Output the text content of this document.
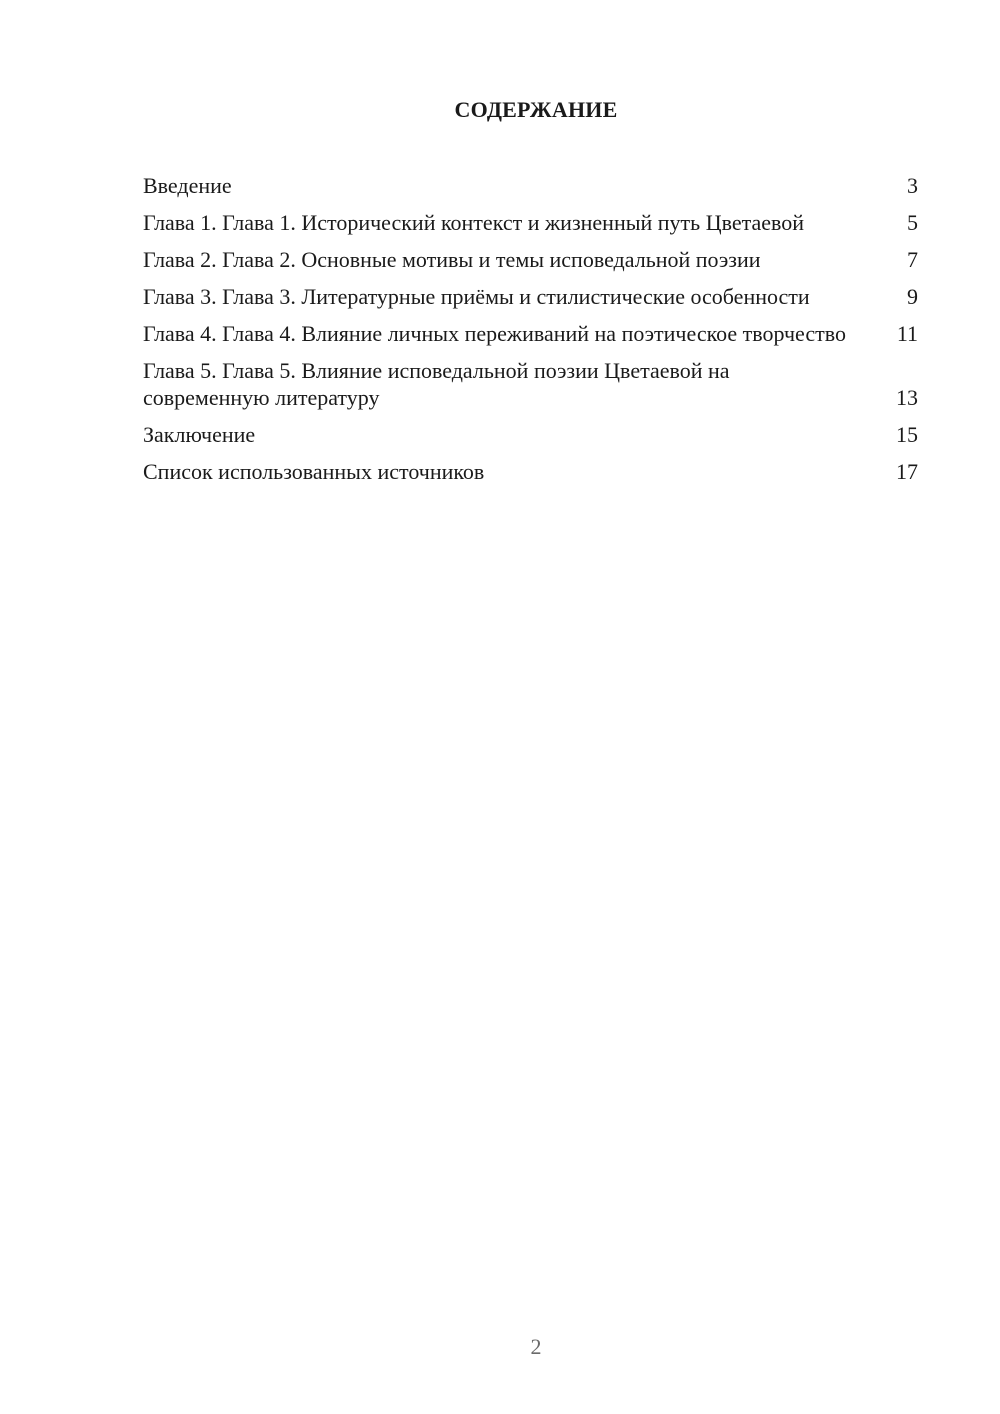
СОДЕРЖАНИЕ
Введение	3
Глава 1. Глава 1. Исторический контекст и жизненный путь Цветаевой	5
Глава 2. Глава 2. Основные мотивы и темы исповедальной поэзии	7
Глава 3. Глава 3. Литературные приёмы и стилистические особенности	9
Глава 4. Глава 4. Влияние личных переживаний на поэтическое творчество 11
Глава 5. Глава 5. Влияние исповедальной поэзии Цветаевой на современную литературу	13
Заключение	15
Список использованных источников	17
2
